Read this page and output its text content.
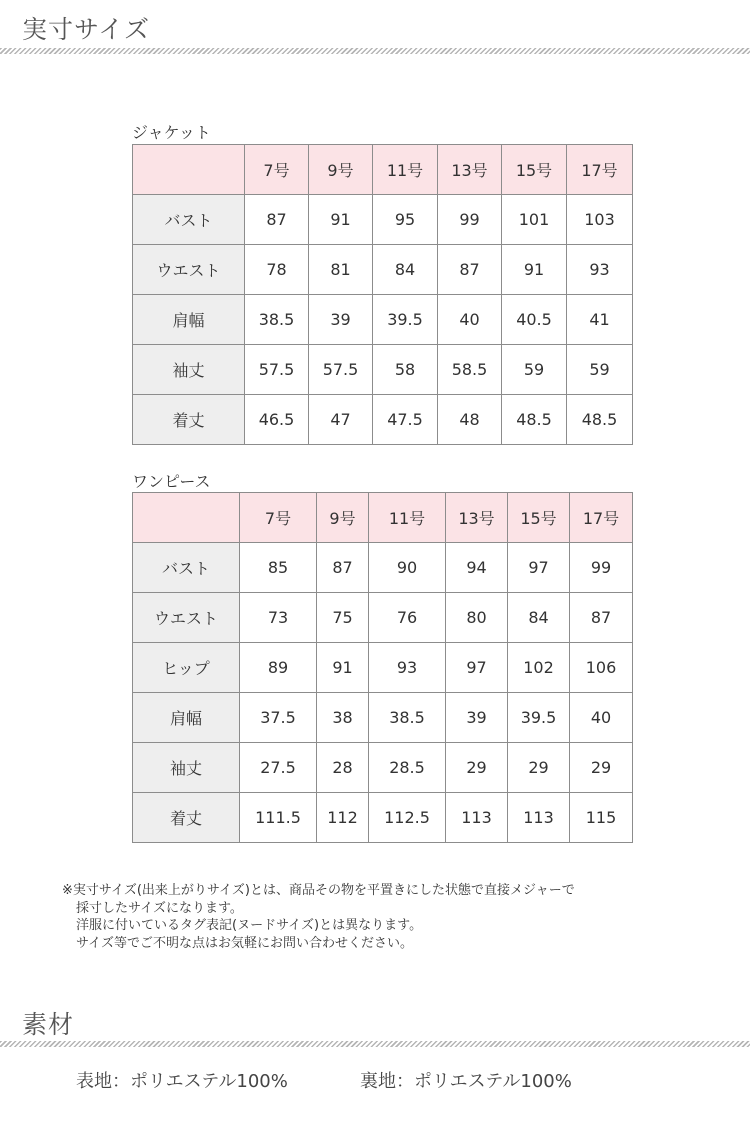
実寸サイズ
ジャケット
	7号	9号	11号	13号	15号	17号
バスト	87	91	95	99	101	103
ウエスト	78	81	84	87	91	93
肩幅	38.5	39	39.5	40	40.5	41
袖丈	57.5	57.5	58	58.5	59	59
着丈	46.5	47	47.5	48	48.5	48.5
ワンピース
	7号	9号	11号	13号	15号	17号
バスト	85	87	90	94	97	99
ウエスト	73	75	76	80	84	87
ヒップ	89	91	93	97	102	106
肩幅	37.5	38	38.5	39	39.5	40
袖丈	27.5	28	28.5	29	29	29
着丈	111.5	112	112.5	113	113	115
※実寸サイズ(出来上がりサイズ)とは、商品その物を平置きにした状態で直接メジャーで
採寸したサイズになります。
洋服に付いているタグ表記(ヌードサイズ)とは異なります。
サイズ等でご不明な点はお気軽にお問い合わせください。
素材
表地：ポリエステル100%	裏地：ポリエステル100%
